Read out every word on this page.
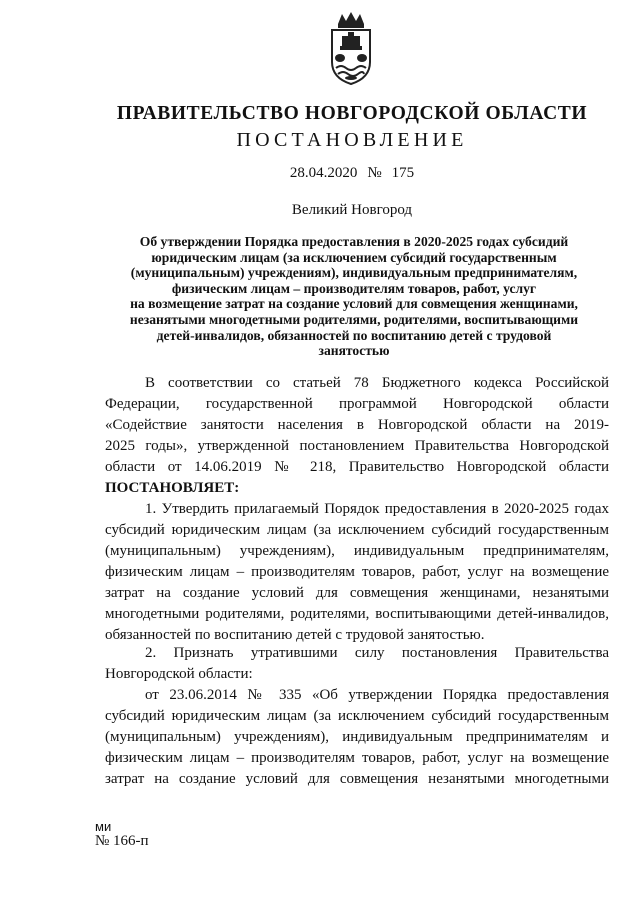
ПРАВИТЕЛЬСТВО НОВГОРОДСКОЙ ОБЛАСТИ
ПОСТАНОВЛЕНИЕ
28.04.2020 № 175
Великий Новгород
Об утверждении Порядка предоставления в 2020-2025 годах субсидий
юридическим лицам (за исключением субсидий государственным
(муниципальным) учреждениям), индивидуальным предпринимателям,
физическим лицам – производителям товаров, работ, услуг
на возмещение затрат на создание условий для совмещения женщинами,
незанятыми многодетными родителями, родителями, воспитывающими
детей-инвалидов, обязанностей по воспитанию детей с трудовой
занятостью
В соответствии со статьей 78 Бюджетного кодекса Российской
Федерации, государственной программой Новгородской области
«Содействие занятости населения в Новгородской области на 2019-
2025 годы», утвержденной постановлением Правительства Новгородской
области от 14.06.2019 № 218, Правительство Новгородской области
ПОСТАНОВЛЯЕТ:
1. Утвердить прилагаемый Порядок предоставления в 2020-2025 годах
субсидий юридическим лицам (за исключением субсидий государственным
(муниципальным) учреждениям), индивидуальным предпринимателям,
физическим лицам – производителям товаров, работ, услуг на возмещение
затрат на создание условий для совмещения женщинами, незанятыми
многодетными родителями, родителями, воспитывающими детей-инвалидов,
обязанностей по воспитанию детей с трудовой занятостью.
2. Признать утратившими силу постановления Правительства
Новгородской области:
от 23.06.2014 № 335 «Об утверждении Порядка предоставления
субсидий юридическим лицам (за исключением субсидий государственным
(муниципальным) учреждениям), индивидуальным предпринимателям и
физическим лицам – производителям товаров, работ, услуг на возмещение
затрат на создание условий для совмещения незанятыми многодетными
ми
№ 166-п
